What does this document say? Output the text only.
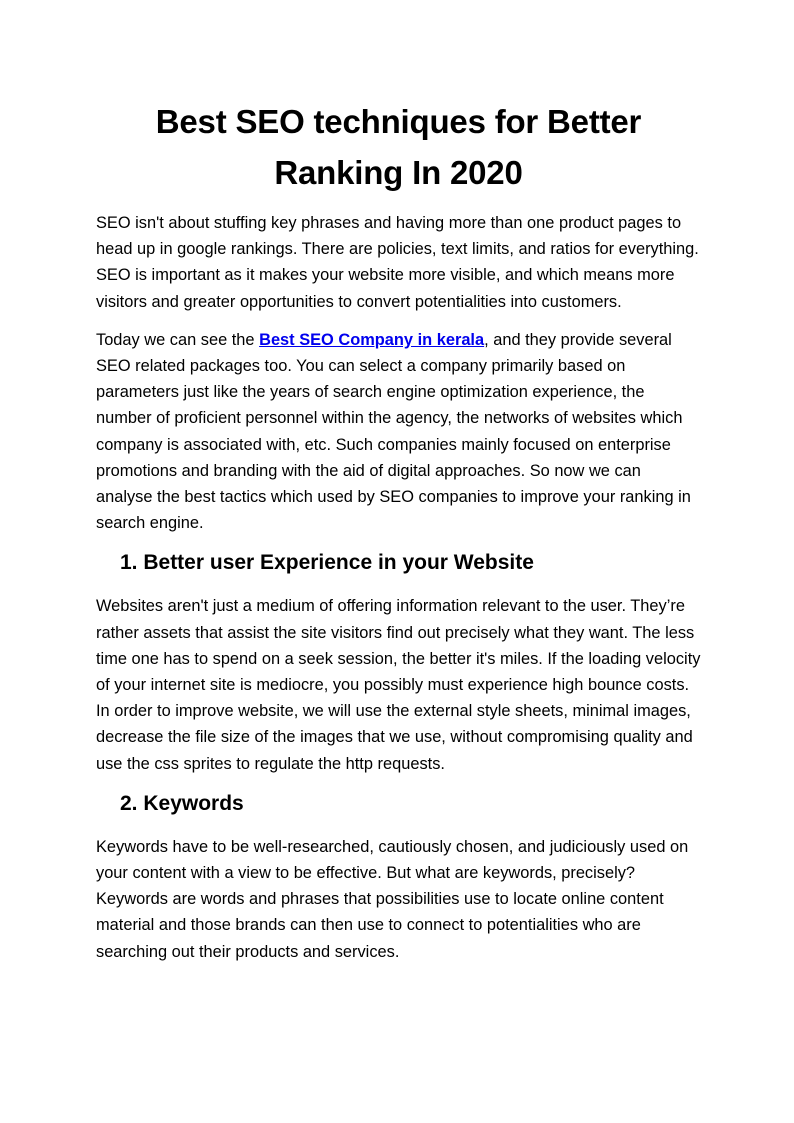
Best SEO techniques for Better
Ranking In 2020

SEO isn't about stuffing key phrases and having more than one product pages to head up in google rankings. There are policies, text limits, and ratios for everything. SEO is important as it makes your website more visible, and which means more visitors and greater opportunities to convert potentialities into customers.

Today we can see the Best SEO Company in kerala, and they provide several SEO related packages too. You can select a company primarily based on parameters just like the years of search engine optimization experience, the number of proficient personnel within the agency, the networks of websites which company is associated with, etc. Such companies mainly focused on enterprise promotions and branding with the aid of digital approaches. So now we can analyse the best tactics which used by SEO companies to improve your ranking in search engine.

1. Better user Experience in your Website

Websites aren't just a medium of offering information relevant to the user. They’re rather assets that assist the site visitors find out precisely what they want. The less time one has to spend on a seek session, the better it's miles. If the loading velocity of your internet site is mediocre, you possibly must experience high bounce costs. In order to improve website, we will use the external style sheets, minimal images, decrease the file size of the images that we use, without compromising quality and use the css sprites to regulate the http requests.

2. Keywords

Keywords have to be well-researched, cautiously chosen, and judiciously used on your content with a view to be effective. But what are keywords, precisely? Keywords are words and phrases that possibilities use to locate online content material and those brands can then use to connect to potentialities who are searching out their products and services.
